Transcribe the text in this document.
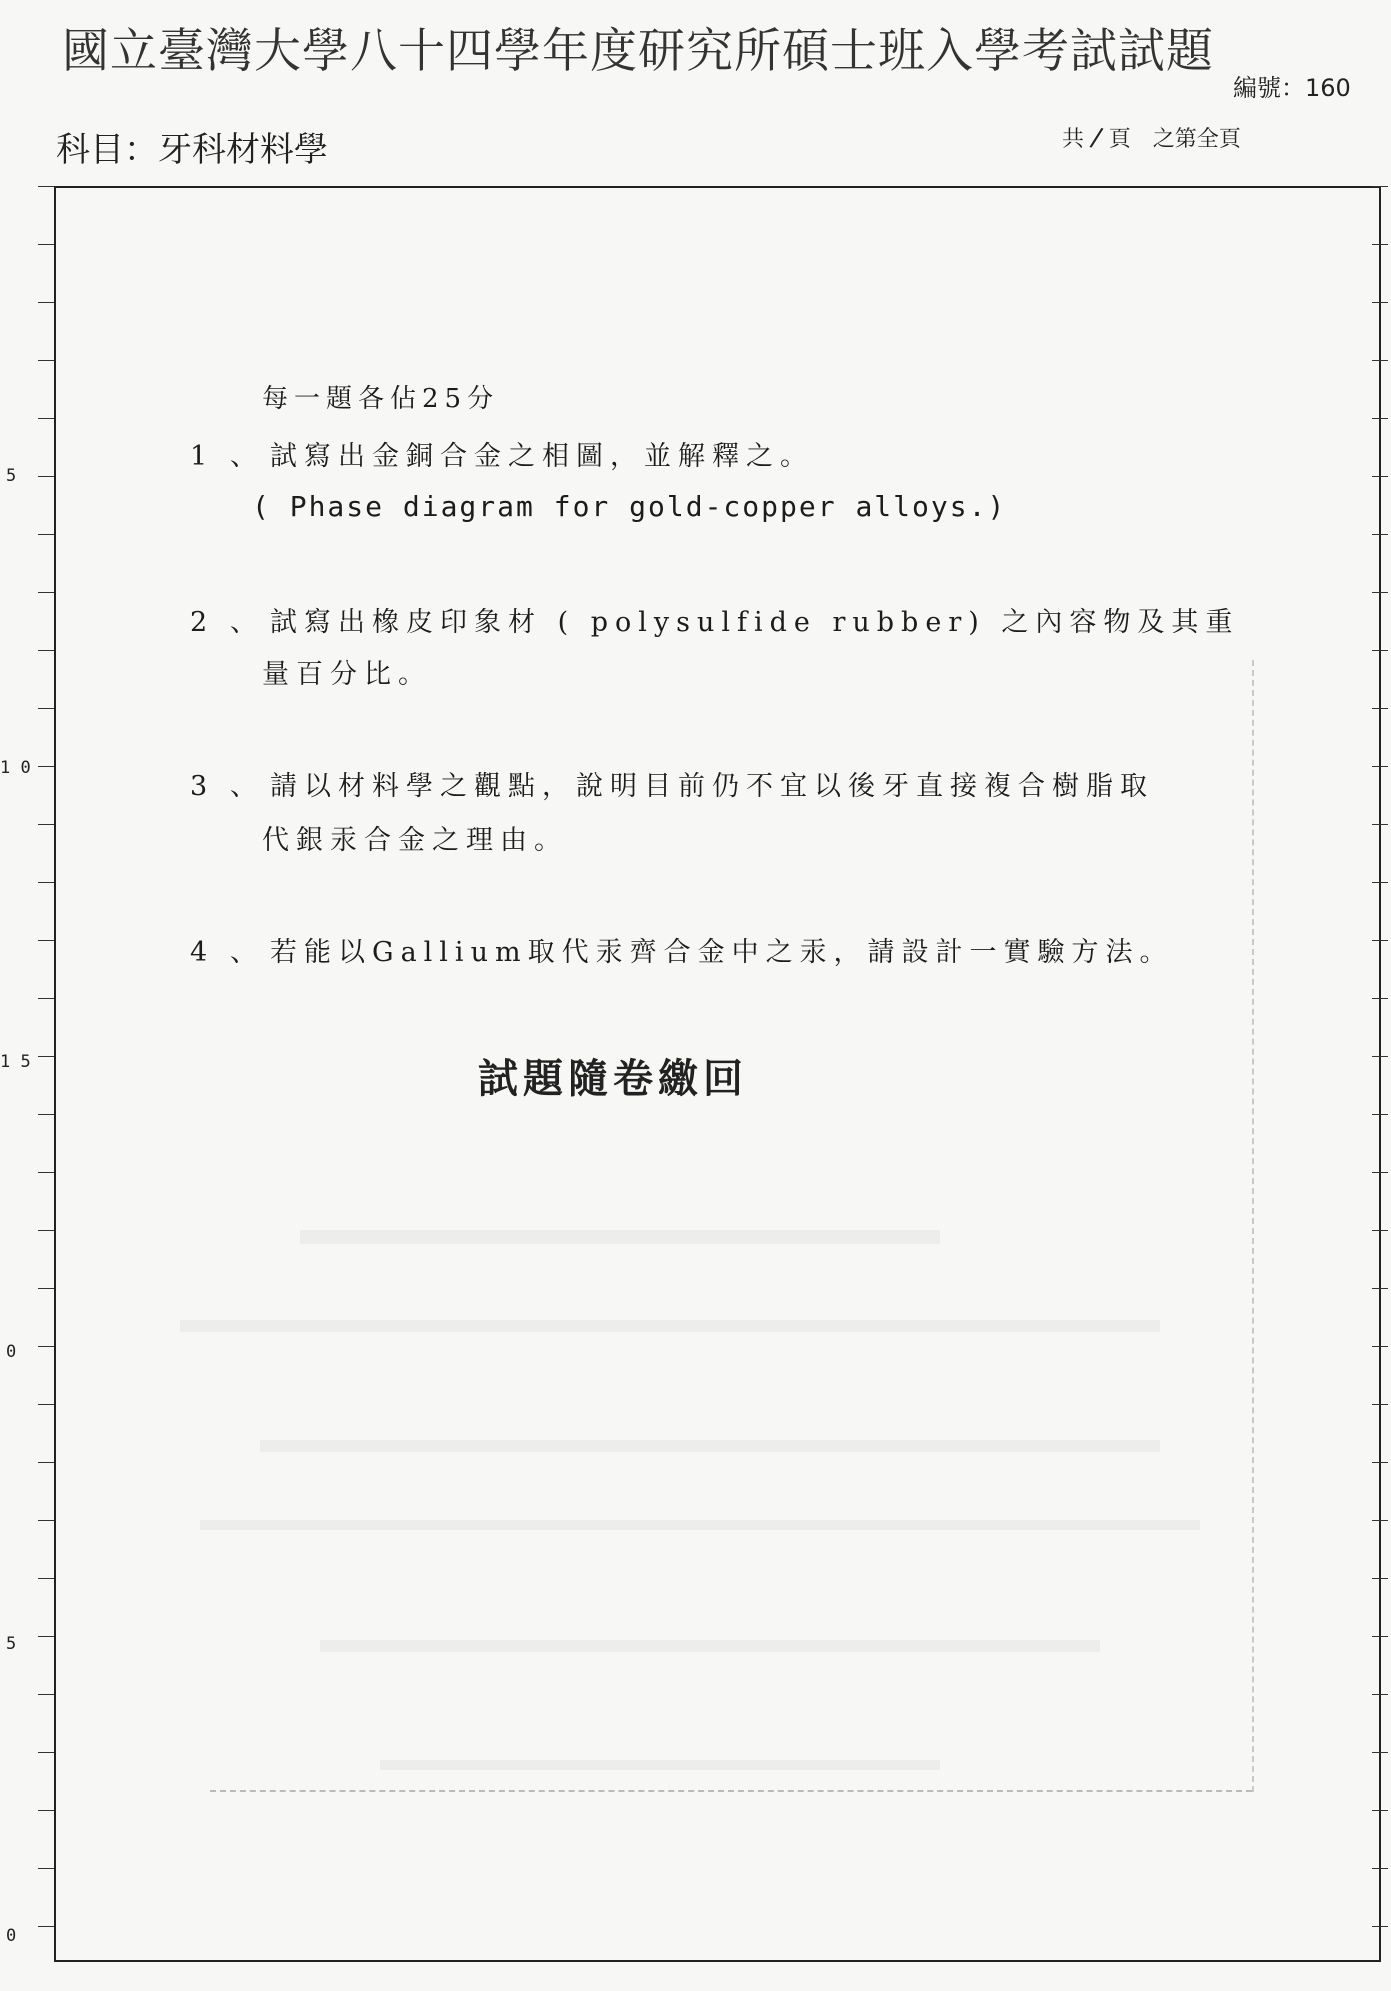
國立臺灣大學八十四學年度研究所碩士班入學考試試題
編號：160
科目：牙科材料學	共 / 頁　之第全頁
5
1 0
1 5
0
5
0
每一題各佔25分
1 、 試寫出金銅合金之相圖，並解釋之。
( Phase diagram for gold-copper alloys.)
2 、 試寫出橡皮印象材 ( polysulfide rubber) 之內容物及其重
量百分比。
3 、 請以材料學之觀點，說明目前仍不宜以後牙直接複合樹脂取
代銀汞合金之理由。
4 、 若能以Gallium取代汞齊合金中之汞，請設計一實驗方法。
試題隨卷繳回
